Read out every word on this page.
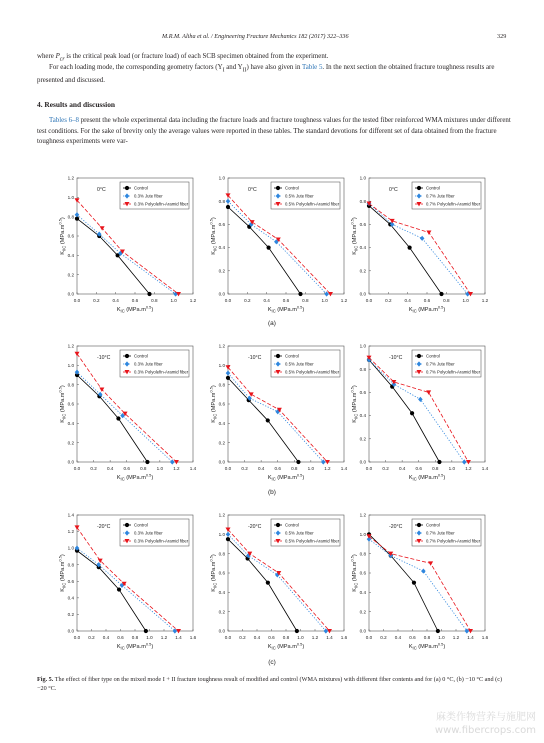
M.R.M. Aliha et al. / Engineering Fracture Mechanics 182 (2017) 322–336	329
where $P_{cr}$ is the critical peak load (or fracture load) of each SCB specimen obtained from the experiment.
For each loading mode, the corresponding geometry factors ($Y_I$ and $Y_{II}$) have also given in Table 5. In the next section the obtained fracture toughness results are presented and discussed.
4. Results and discussion
Tables 6–8 present the whole experimental data including the fracture loads and fracture toughness values for the tested fiber reinforced WMA mixtures under different test conditions. For the sake of brevity only the average values were reported in these tables. The standard devotions for different set of data obtained from the fracture toughness experiments were var-
0.0	0.2	0.4	0.6	0.8	1.0	1.2
0.0
0.2
0.4
0.6
0.8
1.0
1.2
$K_{IC}$ $(MPa.m^{0.5})$
$K_{IIC}$ $(MPa.m^{0.5})$
0°C	Control
0.3% Jute fiber
0.3% Polyolefin-Aramid fiber
0.0	0.2	0.4	0.6	0.8	1.0	1.2
0.0
0.2
0.4
0.6
0.8
1.0
$K_{IC}$ $(MPa.m^{0.5})$
$K_{IIC}$ $(MPa.m^{0.5})$
0°C	Control
0.5% Jute fiber
0.5% Polyolefin-Aramid fiber
0.0	0.2	0.4	0.6	0.8	1.0	1.2
0.0
0.2
0.4
0.6
0.8
1.0
$K_{IC}$ $(MPa.m^{0.5})$
$K_{IIC}$ $(MPa.m^{0.5})$
0°C	Control
0.7% Jute fiber
0.7% Polyolefin-Aramid fiber
0.0 0.2 0.4 0.6 0.8 1.0 1.2 1.4
0.0
0.2
0.4
0.6
0.8
1.0
1.2
$K_{IC}$ $(MPa.m^{0.5})$
$K_{IIC}$ $(MPa.m^{0.5})$
-10°C	Control
0.3% Jute fiber
0.3% Polyolefin-Aramid fiber
0.0 0.2 0.4 0.6 0.8 1.0 1.2 1.4
0.0
0.2
0.4
0.6
0.8
1.0
1.2
$K_{IC}$ $(MPa.m^{0.5})$
$K_{IIC}$ $(MPa.m^{0.5})$
-10°C	Control
0.5% Jute fiber
0.5% Polyolefin-Aramid fiber
0.0 0.2 0.4 0.6 0.8 1.0 1.2 1.4
0.0
0.2
0.4
0.6
0.8
1.0
$K_{IC}$ $(MPa.m^{0.5})$
$K_{IIC}$ $(MPa.m^{0.5})$
-10°C	Control
0.7% Jute fiber
0.7% Polyolefin-Aramid fiber
0.0 0.2 0.4 0.6 0.8 1.0 1.2 1.4 1.6
0.0
0.2
0.4
0.6
0.8
1.0
1.2
1.4
$K_{IC}$ $(MPa.m^{0.5})$
$K_{IIC}$ $(MPa.m^{0.5})$
-20°C	Control
0.3% Jute fiber
0.3% Polyolefin-Aramid fiber
0.0 0.2 0.4 0.6 0.8 1.0 1.2 1.4 1.6
0.0
0.2
0.4
0.6
0.8
1.0
1.2
$K_{IC}$ $(MPa.m^{0.5})$
$K_{IIC}$ $(MPa.m^{0.5})$
-20°C	Control
0.5% Jute fiber
0.5% Polyolefin-Aramid fiber
0.0 0.2 0.4 0.6 0.8 1.0 1.2 1.4 1.6
0.0
0.2
0.4
0.6
0.8
1.0
1.2
$K_{IC}$ $(MPa.m^{0.5})$
$K_{IIC}$ $(MPa.m^{0.5})$
-20°C	Control
0.7% Jute fiber
0.7% Polyolefin-Aramid fiber
(a)
(b)
(c)
Fig. 5. The effect of fiber type on the mixed mode I + II fracture toughness result of modified and control (WMA mixtures) with different fiber contents and for (a) 0 °C, (b) −10 °C and (c) −20 °C.
麻类作物营养与施肥网
www.fibercrops.com
